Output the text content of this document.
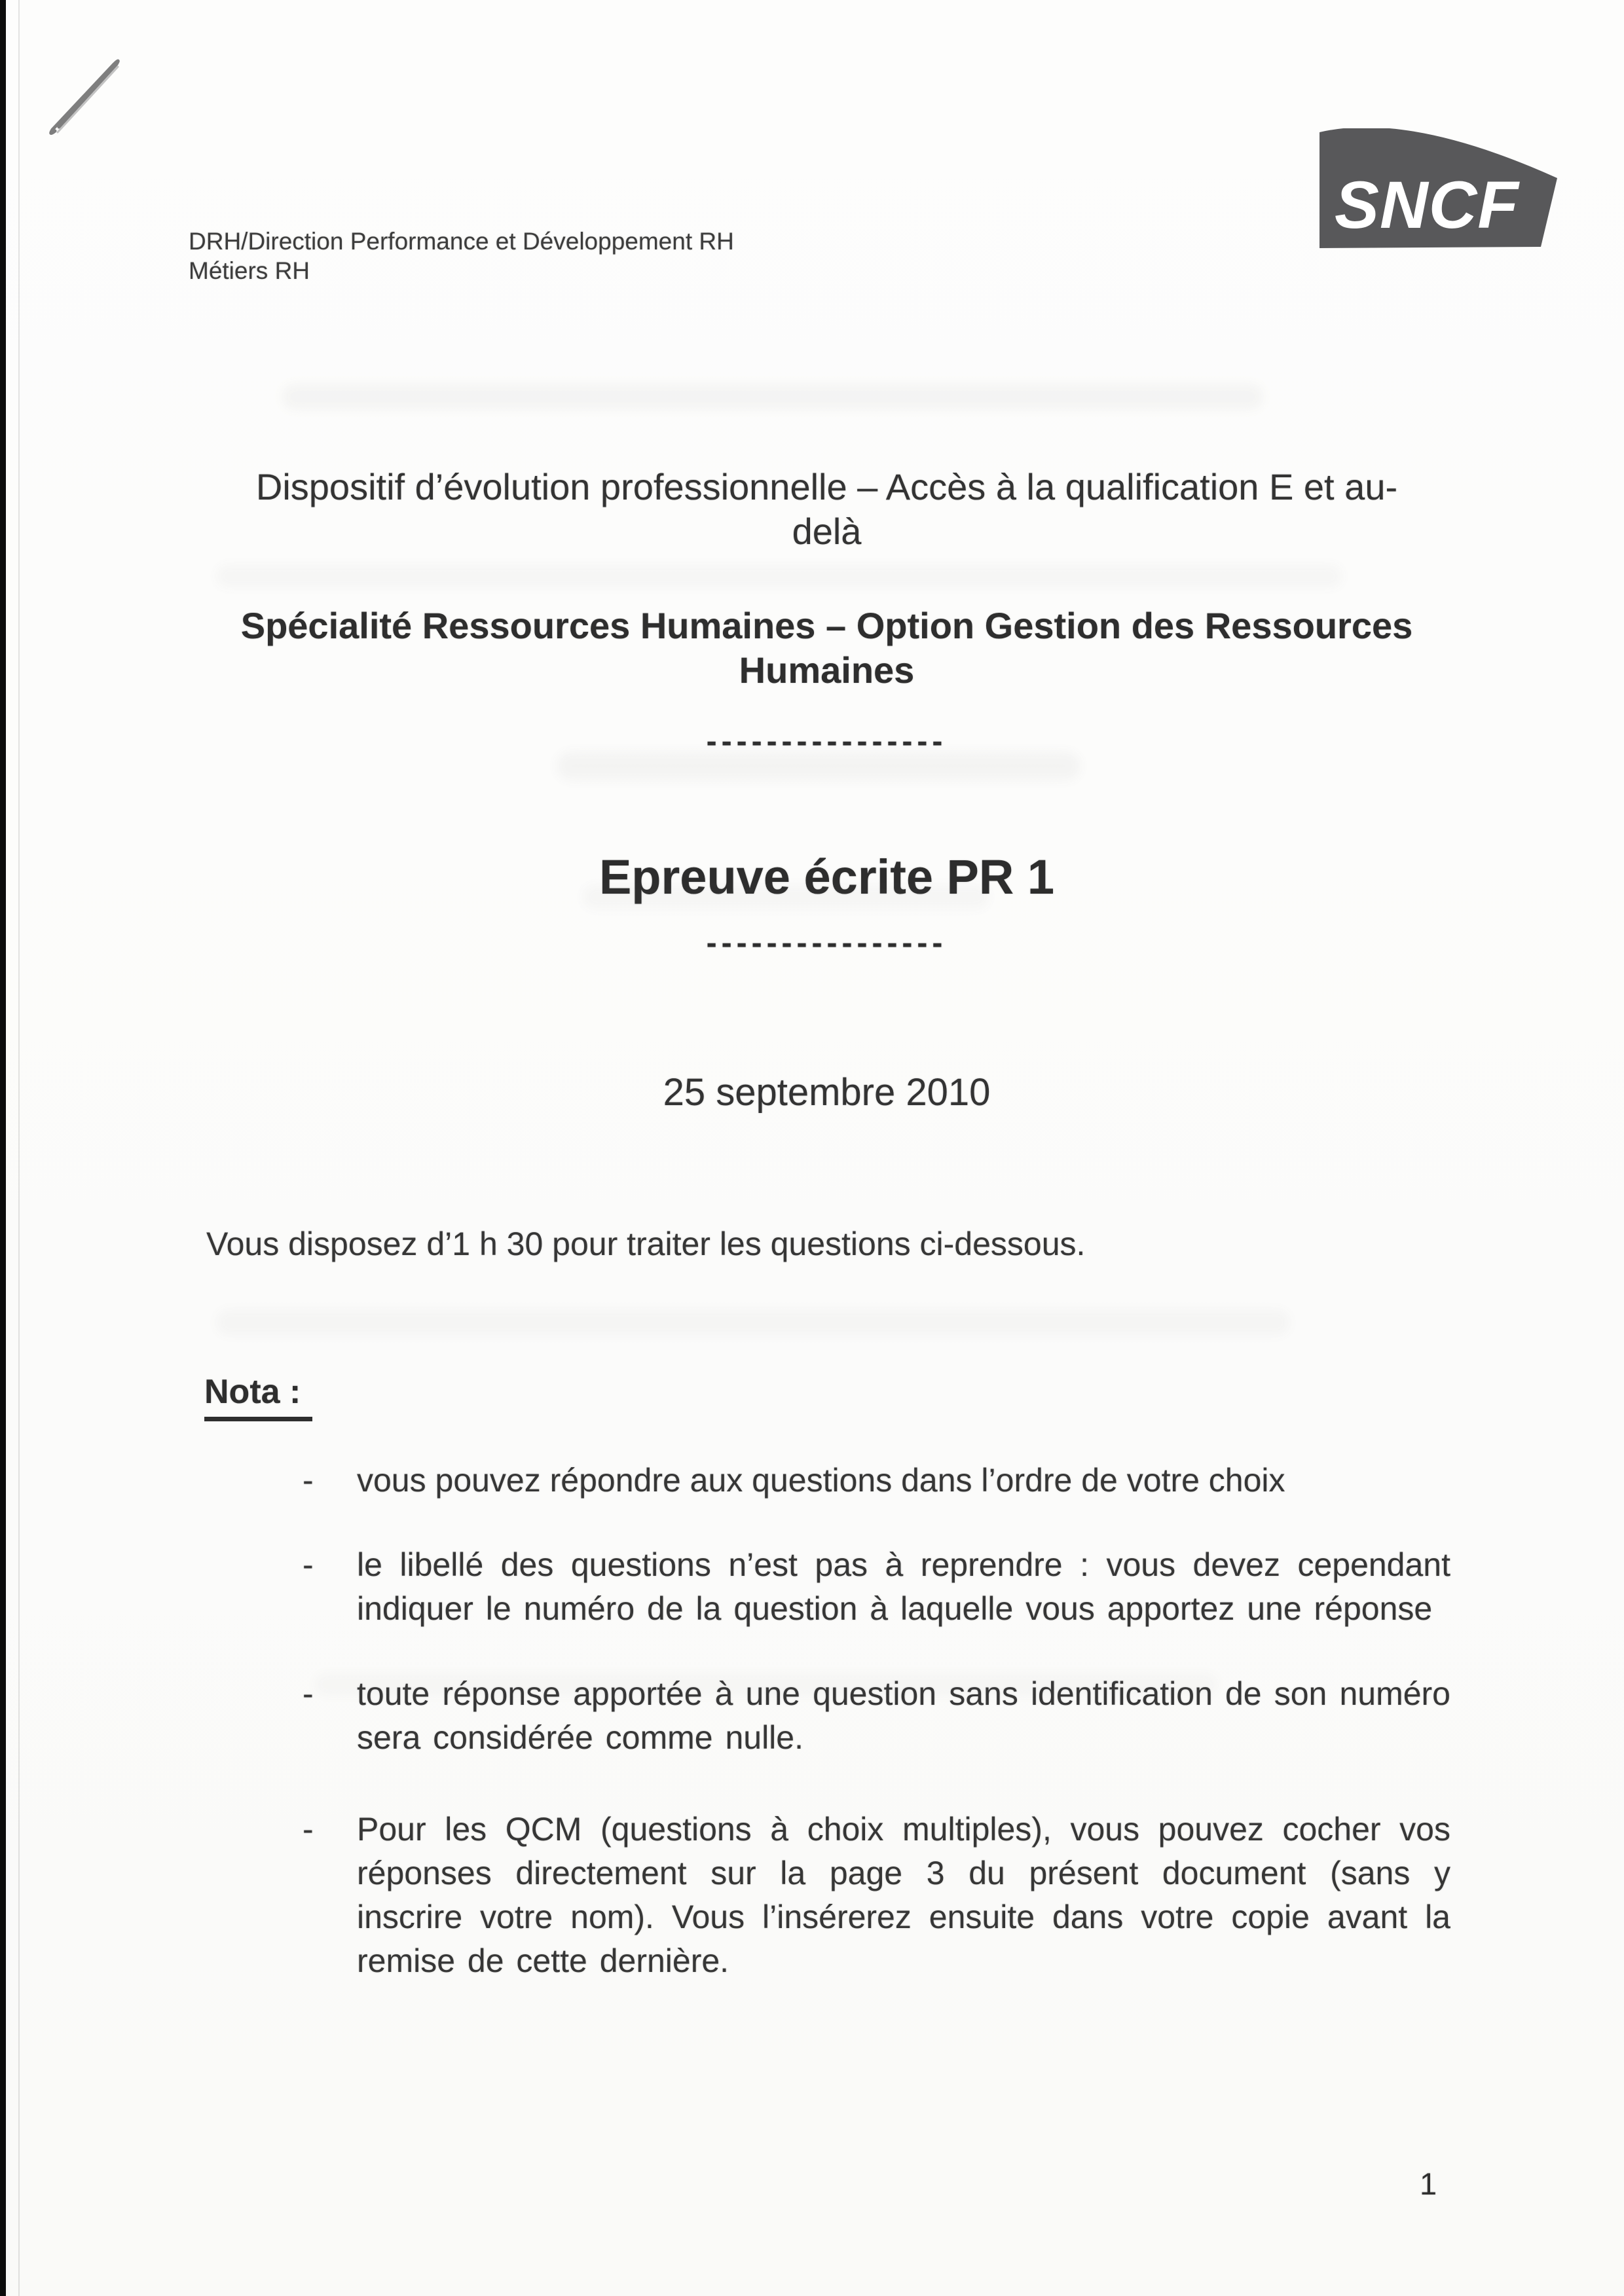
DRH/Direction Performance et Développement RH
Métiers RH
SNCF
Dispositif d’évolution professionnelle – Accès à la qualification E et au-
delà
Spécialité Ressources Humaines – Option Gestion des Ressources
Humaines
----------------
Epreuve écrite PR 1
----------------
25 septembre 2010

Vous disposez d’1 h 30 pour traiter les questions ci-dessous.

Nota :
- vous pouvez répondre aux questions dans l’ordre de votre choix
- le libellé des questions n’est pas à reprendre : vous devez cependant indiquer le numéro de la question à laquelle vous apportez une réponse
- toute réponse apportée à une question sans identification de son numéro sera considérée comme nulle.
- Pour les QCM (questions à choix multiples), vous pouvez cocher vos réponses directement sur la page 3 du présent document (sans y inscrire votre nom). Vous l’insérerez ensuite dans votre copie avant la remise de cette dernière.
1
